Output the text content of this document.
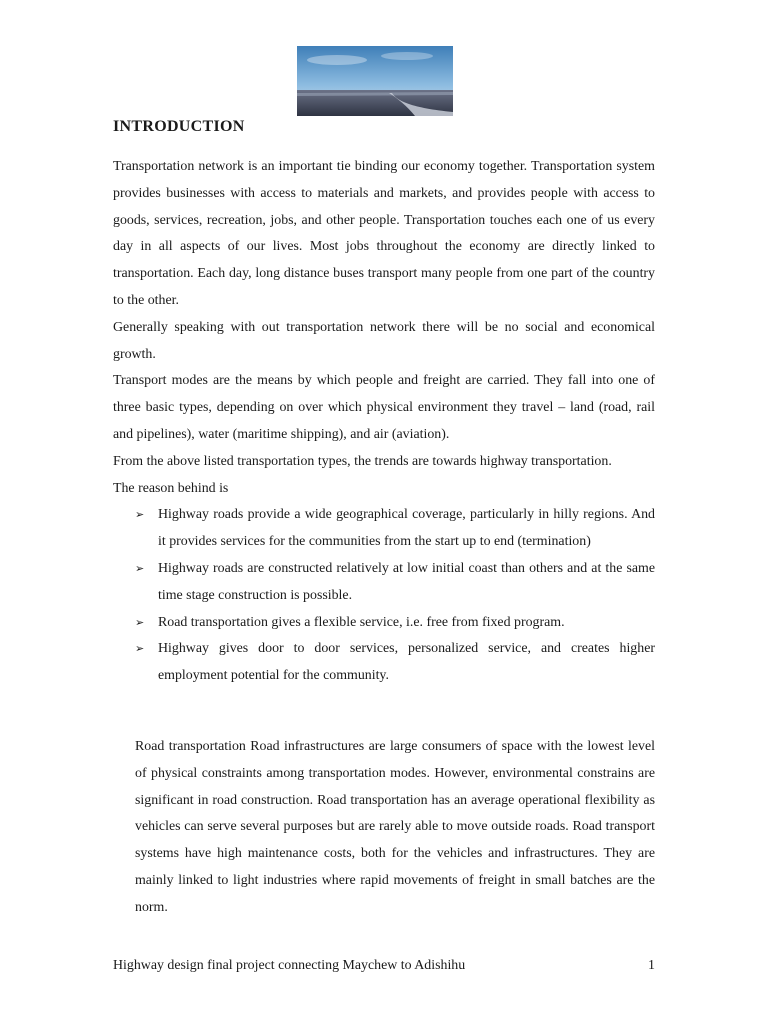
INTRODUCTION

Transportation network is an important tie binding our economy together. Transportation system provides businesses with access to materials and markets, and provides people with access to goods, services, recreation, jobs, and other people. Transportation touches each one of us every day in all aspects of our lives. Most jobs throughout the economy are directly linked to transportation. Each day, long distance buses transport many people from one part of the country to the other.

Generally speaking with out transportation network there will be no social and economical growth.

Transport modes are the means by which people and freight are carried. They fall into one of three basic types, depending on over which physical environment they travel – land (road, rail and pipelines), water (maritime shipping), and air (aviation).

From the above listed transportation types, the trends are towards highway transportation.

The reason behind is

➢ Highway roads provide a wide geographical coverage, particularly in hilly regions. And it provides services for the communities from the start up to end (termination)
➢ Highway roads are constructed relatively at low initial coast than others and at the same time stage construction is possible.
➢ Road transportation gives a flexible service, i.e. free from fixed program.
➢ Highway gives door to door services, personalized service, and creates higher employment potential for the community.

Road transportation Road infrastructures are large consumers of space with the lowest level of physical constraints among transportation modes. However, environmental constrains are significant in road construction. Road transportation has an average operational flexibility as vehicles can serve several purposes but are rarely able to move outside roads. Road transport systems have high maintenance costs, both for the vehicles and infrastructures. They are mainly linked to light industries where rapid movements of freight in small batches are the norm.

Highway design final project connecting Maychew to Adishihu	1
